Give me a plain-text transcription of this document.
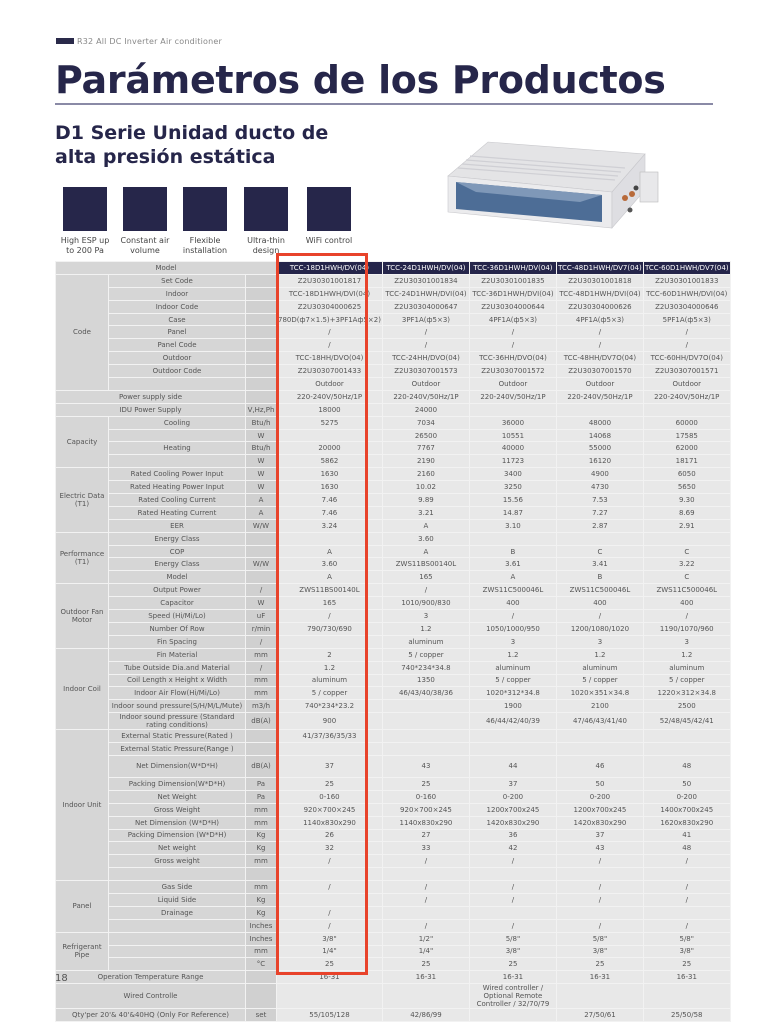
R32 All DC Inverter Air conditioner
Parámetros de los Productos
D1 Serie Unidad ducto de alta presión estática
High ESP up to 200 Pa
Constant air volume
Flexible installation
Ultra-thin design
WiFi control
Model			TCC-18D1HWH/DV(04)	TCC-24D1HWH/DV(04)	TCC-36D1HWH/DV(04)	TCC-48D1HWH/DV7(04)	TCC-60D1HWH/DV7(04)
Code	Set Code		Z2U30301001817	Z2U30301001834	Z2U30301001835	Z2U30301001818	Z2U30301001833
	Indoor		TCC-18D1HWH/DVI(04)	TCC-24D1HWH/DVI(04)	TCC-36D1HWH/DVI(04)	TCC-48D1HWH/DVI(04)	TCC-60D1HWH/DVI(04)
	Indoor Code		Z2U30304000625	Z2U30304000647	Z2U30304000644	Z2U30304000626	Z2U30304000646
	Case		780D(ф7×1.5)+3PF1Aф5×2)	3PF1A(ф5×3)	4PF1A(ф5×3)	4PF1A(ф5×3)	5PF1A(ф5×3)
	Panel		/	/	/	/	/
	Panel Code		/	/	/	/	/
	Outdoor		TCC-18HH/DVO(04)	TCC-24HH/DVO(04)	TCC-36HH/DVO(04)	TCC-48HH/DV7O(04)	TCC-60HH/DV7O(04)
	Outdoor Code		Z2U30307001433	Z2U30307001573	Z2U30307001572	Z2U30307001570	Z2U30307001571
			Outdoor	Outdoor	Outdoor	Outdoor	Outdoor
Power supply side			220-240V/50Hz/1P	220-240V/50Hz/1P	220-240V/50Hz/1P	220-240V/50Hz/1P	220-240V/50Hz/1P
IDU Power Supply		V,Hz,Ph	18000	24000			
Capacity	Cooling	Btu/h	5275	7034	36000	48000	60000
		W		26500	10551	14068	17585
	Heating	Btu/h	20000	7767	40000	55000	62000
		W	5862	2190	11723	16120	18171
Electric Data (T1)	Rated Cooling Power Input	W	1630	2160	3400	4900	6050
	Rated Heating Power Input	W	1630	10.02	3250	4730	5650
	Rated Cooling Current	A	7.46	9.89	15.56	7.53	9.30
	Rated Heating Current	A	7.46	3.21	14.87	7.27	8.69
	EER	W/W	3.24	A	3.10	2.87	2.91
Performance (T1)	Energy Class			3.60			
	COP		A	A	B	C	C
	Energy Class	W/W	3.60	ZWS11BS00140L	3.61	3.41	3.22
	Model		A	165	A	B	C
Outdoor Fan Motor	Output Power	/	ZWS11BS00140L	/	ZWS11C500046L	ZWS11C500046L	ZWS11C500046L
	Capacitor	W	165	1010/900/830	400	400	400
	Speed (Hi/Mi/Lo)	uF	/	3	/	/	/
	Number Of Row	r/min	790/730/690	1.2	1050/1000/950	1200/1080/1020	1190/1070/960
	Fin Spacing	/		aluminum	3	3	3
Indoor Coil	Fin Material	mm	2	5 / copper	1.2	1.2	1.2
	Tube Outside Dia.and Material	/	1.2	740*234*34.8	aluminum	aluminum	aluminum
	Coil Length x Height x Width	mm	aluminum	1350	5 / copper	5 / copper	5 / copper
	Indoor Air Flow(Hi/Mi/Lo)	mm	5 / copper	46/43/40/38/36	1020*312*34.8	1020×351×34.8	1220×312×34.8
	Indoor sound pressure(S/H/M/L/Mute)	m3/h	740*234*23.2		1900	2100	2500
	Indoor sound pressure (Standard rating conditions)	dB(A)	900		46/44/42/40/39	47/46/43/41/40	52/48/45/42/41
Indoor Unit	External Static Pressure(Rated )		41/37/36/35/33				
	External Static Pressure(Range )						
	Net Dimension(W*D*H)	dB(A)	37	43	44	46	48
	Packing Dimension(W*D*H)	Pa	25	25	37	50	50
	Net Weight	Pa	0-160	0-160	0-200	0-200	0-200
	Gross Weight	mm	920×700×245	920×700×245	1200x700x245	1200x700x245	1400x700x245
	Net Dimension (W*D*H)	mm	1140x830x290	1140x830x290	1420x830x290	1420x830x290	1620x830x290
	Packing Dimension (W*D*H)	Kg	26	27	36	37	41
	Net weight	Kg	32	33	42	43	48
	Gross weight	mm	/	/	/	/	/

Panel	Gas Side	mm	/	/	/	/	/
	Liquid Side	Kg		/	/	/	/
	Drainage	Kg	/				
		Inches	/	/	/	/	/
Refrigerant Pipe		Inches	3/8"	1/2"	5/8"	5/8"	5/8"
		mm	1/4"	1/4"	3/8"	3/8"	3/8"
		°C	25	25	25	25	25
Operation Temperature Range			16-31	16-31	16-31	16-31	16-31
Wired Controlle					Wired controller / Optional Remote Controller / 32/70/79		
Qty'per 20'& 40'&40HQ (Only For Reference)		set	55/105/128	42/86/99		27/50/61	25/50/58
18
